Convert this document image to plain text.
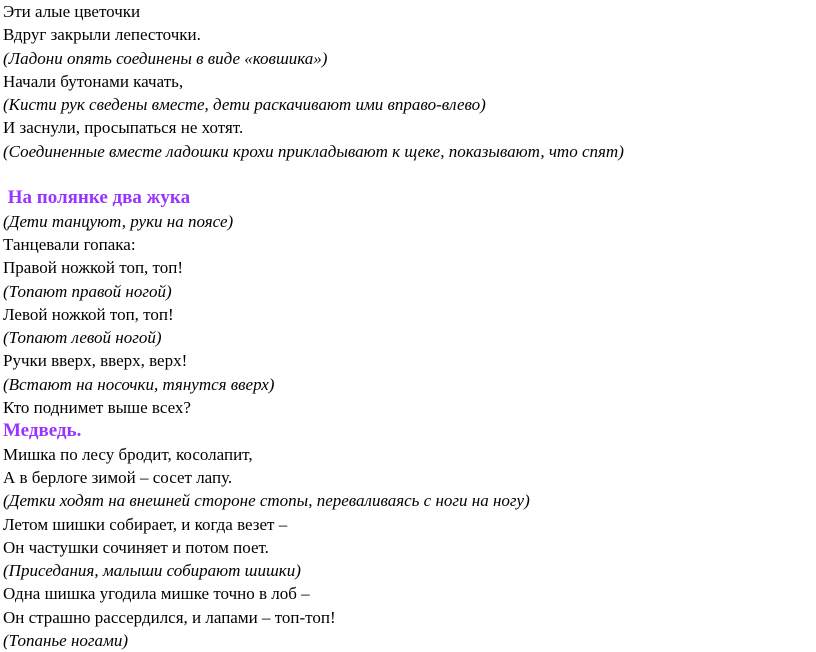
Эти алые цветочки
Вдруг закрыли лепесточки.
(Ладони опять соединены в виде «ковшика»)
Начали бутонами качать,
(Кисти рук сведены вместе, дети раскачивают ими вправо-влево)
И заснули, просыпаться не хотят.
(Соединенные вместе ладошки крохи прикладывают к щеке, показывают, что спят)
На полянке два жука
(Дети танцуют, руки на поясе)
Танцевали гопака:
Правой ножкой топ, топ!
(Топают правой ногой)
Левой ножкой топ, топ!
(Топают левой ногой)
Ручки вверх, вверх, верх!
(Встают на носочки, тянутся вверх)
Кто поднимет выше всех?
Медведь.
Мишка по лесу бродит, косолапит,
А в берлоге зимой – сосет лапу.
(Детки ходят на внешней стороне стопы, переваливаясь с ноги на ногу)
Летом шишки собирает, и когда везет –
Он частушки сочиняет и потом поет.
(Приседания, малыши собирают шишки)
Одна шишка угодила мишке точно в лоб –
Он страшно рассердился, и лапами – топ-топ!
(Топанье ногами)
